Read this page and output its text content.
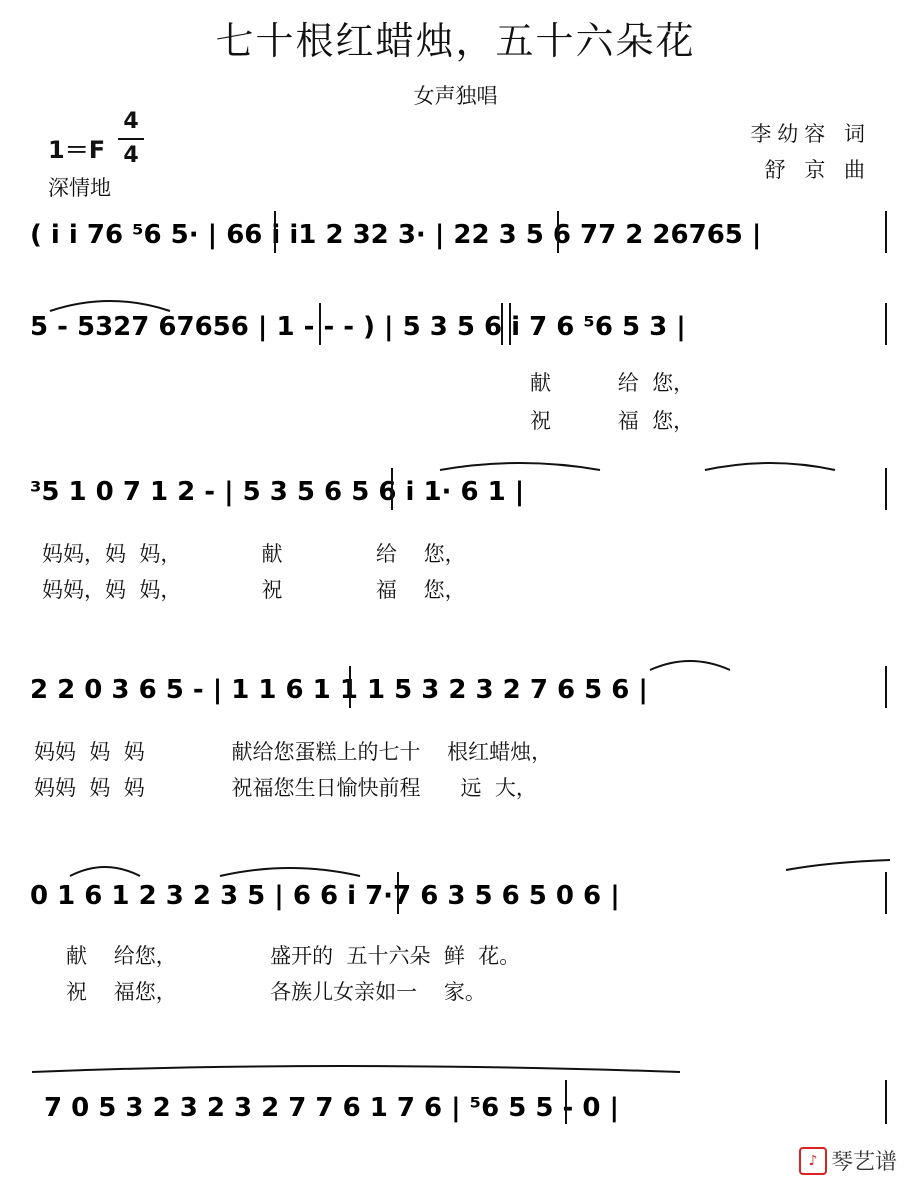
七十根红蜡烛，五十六朵花
女声独唱
1＝F
4
4
李幼容 词
舒 京 曲
深情地
( i i 76 ⁵6 5· | 66 i i1 2 32 3· | 22 3 5 6 77 2 26765 |
5 - 5327 67656 | 1 - - - ) | 5 3 5 6 i 7 6 ⁵6 5 3 |
献          给  您，
祝          福  您，
³5 1 0 7 1 2 - | 5 3 5 6 5 6 i 1· 6 1 |
妈妈，妈  妈，            献              给    您，
妈妈，妈  妈，            祝              福    您，
2 2 0 3 6 5 - | 1 1 6 1 1 1 5 3 2 3 2 7 6 5 6 |
妈妈  妈  妈             献给您蛋糕上的七十    根红蜡烛，
妈妈  妈  妈             祝福您生日愉快前程      远  大，
0 1 6 1 2 3 2 3 5 | 6 6 i 7·7 6 3 5 6 5 0 6 |
献    给您，              盛开的  五十六朵  鲜  花。
祝    福您，              各族儿女亲如一    家。
7 0 5 3 2 3 2 3 2 7 7 6 1 7 6 | ⁵6 5 5 - 0 |
♪ 琴艺谱
